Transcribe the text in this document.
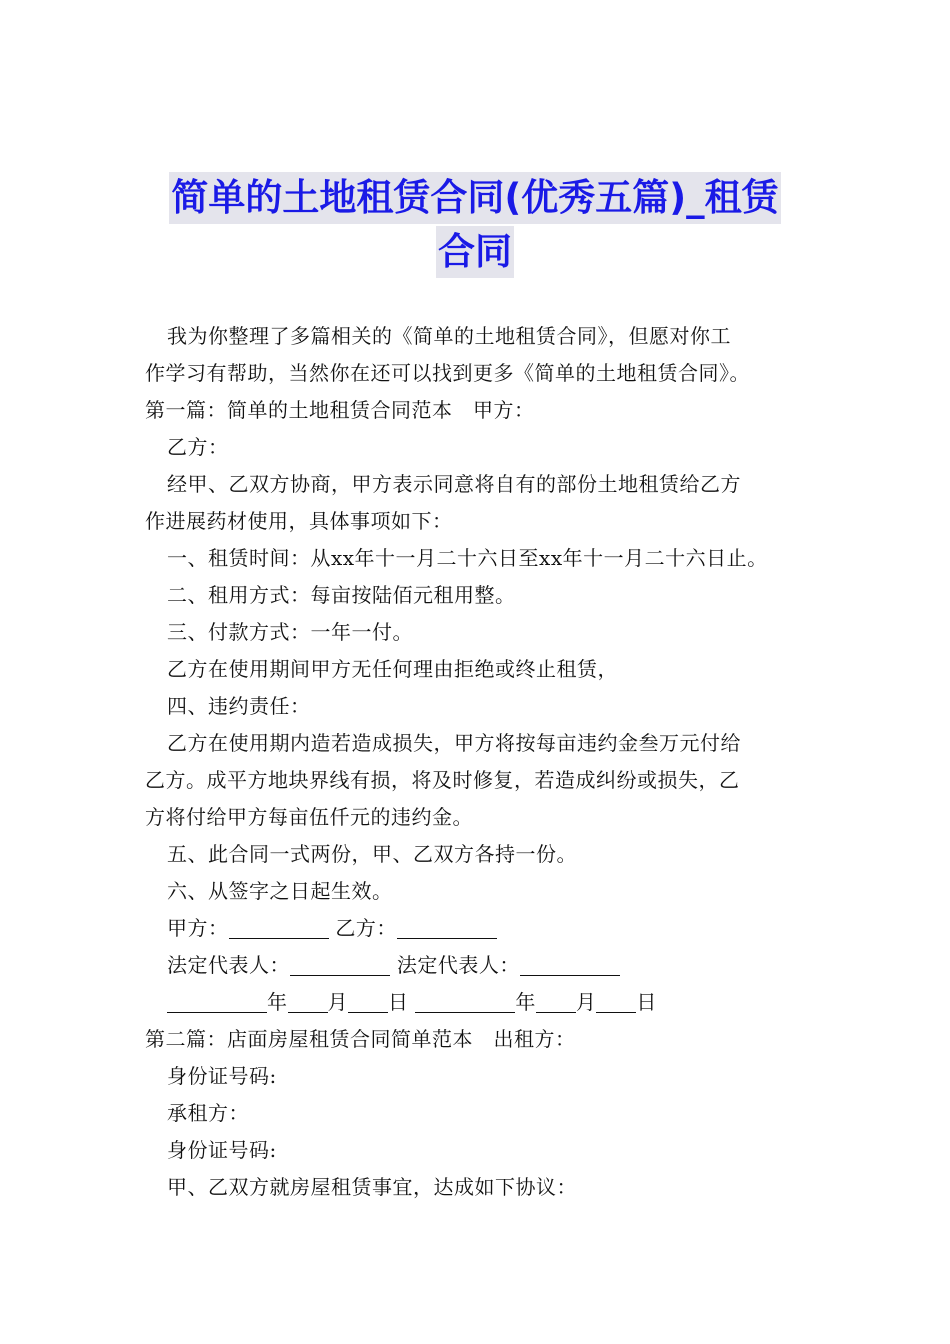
简单的土地租赁合同(优秀五篇)_租赁
合同
我为你整理了多篇相关的《简单的土地租赁合同》，但愿对你工
作学习有帮助，当然你在还可以找到更多《简单的土地租赁合同》。
第一篇：简单的土地租赁合同范本　甲方：
乙方：
经甲、乙双方协商，甲方表示同意将自有的部份土地租赁给乙方
作进展药材使用，具体事项如下：
一、租赁时间：从xx年十一月二十六日至xx年十一月二十六日止。
二、租用方式：每亩按陆佰元租用整。
三、付款方式：一年一付。
乙方在使用期间甲方无任何理由拒绝或终止租赁，
四、违约责任：
乙方在使用期内造若造成损失，甲方将按每亩违约金叁万元付给
乙方。成平方地块界线有损，将及时修复，若造成纠纷或损失，乙
方将付给甲方每亩伍仟元的违约金。
五、此合同一式两份，甲、乙双方各持一份。
六、从签字之日起生效。
甲方：	乙方：
法定代表人：	法定代表人：
年 月 日	年 月 日
第二篇：店面房屋租赁合同简单范本　出租方：
身份证号码:
承租方：
身份证号码:
甲、乙双方就房屋租赁事宜，达成如下协议：
